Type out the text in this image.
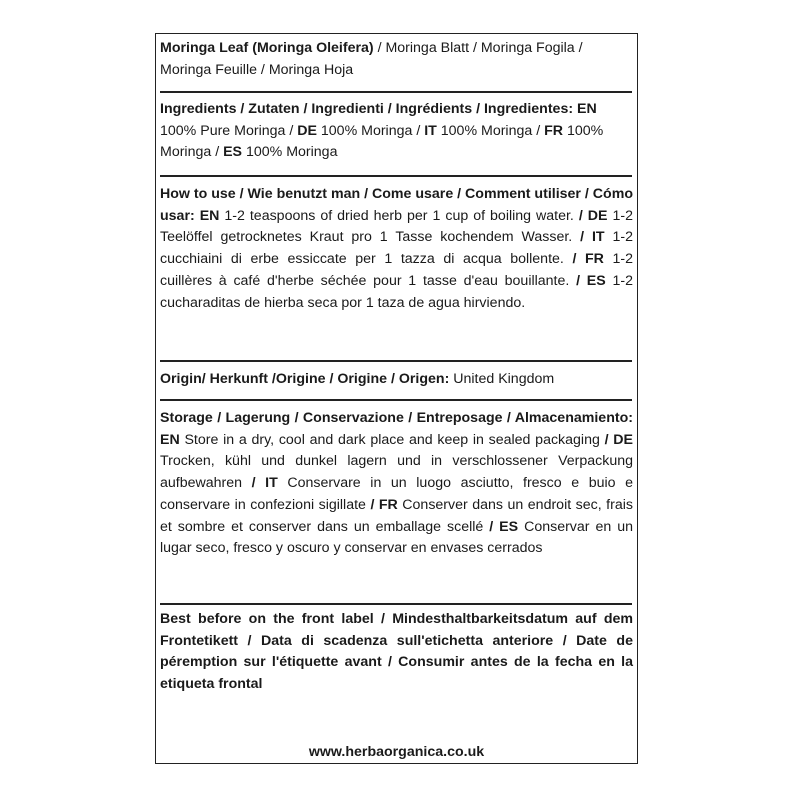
Moringa Leaf (Moringa Oleifera) / Moringa Blatt / Moringa Fogila / Moringa Feuille / Moringa Hoja
Ingredients / Zutaten / Ingredienti / Ingrédients / Ingredientes: EN 100% Pure Moringa / DE 100% Moringa / IT 100% Moringa / FR 100% Moringa / ES 100% Moringa
How to use / Wie benutzt man / Come usare / Comment utiliser / Cómo usar: EN 1-2 teaspoons of dried herb per 1 cup of boiling water. / DE 1-2 Teelöffel getrocknetes Kraut pro 1 Tasse kochendem Wasser. / IT 1-2 cucchiaini di erbe essiccate per 1 tazza di acqua bollente. / FR 1-2 cuillères à café d'herbe séchée pour 1 tasse d'eau bouillante. / ES 1-2 cucharaditas de hierba seca por 1 taza de agua hirviendo.
Origin/ Herkunft /Origine / Origine / Origen: United Kingdom
Storage / Lagerung / Conservazione / Entreposage / Almacenamiento: EN Store in a dry, cool and dark place and keep in sealed packaging / DE Trocken, kühl und dunkel lagern und in verschlossener Verpackung aufbewahren / IT Conservare in un luogo asciutto, fresco e buio e conservare in confezioni sigillate / FR Conserver dans un endroit sec, frais et sombre et conserver dans un emballage scellé / ES Conservar en un lugar seco, fresco y oscuro y conservar en envases cerrados
Best before on the front label / Mindesthaltbarkeitsdatum auf dem Frontetikett / Data di scadenza sull'etichetta anteriore / Date de péremption sur l'étiquette avant / Consumir antes de la fecha en la etiqueta frontal
www.herbaorganica.co.uk
